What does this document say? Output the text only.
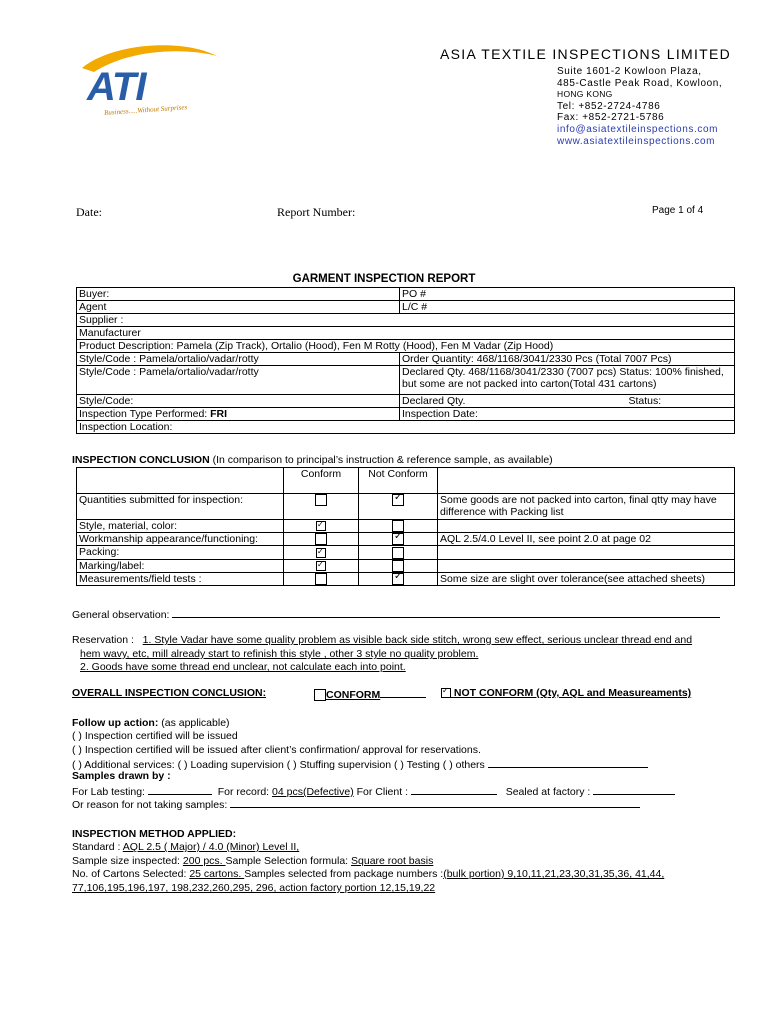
ATI
Business.....Without Surprises
ASIA TEXTILE INSPECTIONS LIMITED
Suite 1601-2 Kowloon Plaza,
485-Castle Peak Road, Kowloon,
HONG KONG
Tel: +852-2724-4786
Fax: +852-2721-5786
info@asiatextileinspections.com
www.asiatextileinspections.com
Date:	Report Number:	Page 1 of 4
GARMENT INSPECTION REPORT
Buyer:	PO #
Agent	L/C #
Supplier :	
Manufacturer	
Product Description: Pamela (Zip Track), Ortalio (Hood), Fen M Rotty (Hood), Fen M Vadar (Zip Hood)	
Style/Code : Pamela/ortalio/vadar/rotty	Order Quantity: 468/1168/3041/2330 Pcs (Total 7007 Pcs)
Style/Code : Pamela/ortalio/vadar/rotty	Declared Qty. 468/1168/3041/2330 (7007 pcs) Status: 100% finished, but some are not packed into carton(Total 431 cartons)
Style/Code:	Declared Qty. Status:

Inspection Type Performed: FRI	Inspection Date:
Inspection Location:	
INSPECTION CONCLUSION (In comparison to principal’s instruction & reference sample, as available)
	Conform	Not Conform	
Quantities submitted for inspection:		✓	Some goods are not packed into carton, final qtty may have difference with Packing list
Style, material, color:	✓		
Workmanship appearance/functioning:		✓	AQL 2.5/4.0 Level II, see point 2.0 at page 02
Packing:	✓		
Marking/label:	✓		
Measurements/field tests :		✓	Some size are slight over tolerance(see attached sheets)
General observation:
Reservation : 1. Style Vadar have some quality problem as visible back side stitch, wrong sew effect, serious unclear thread end and
hem wavy, etc, mill already start to refinish this style , other 3 style no quality problem.
2. Goods have some thread end unclear, not calculate each into point.
OVERALL INSPECTION CONCLUSION:	CONFORM ✓	NOT CONFORM (Qty, AQL and Measureaments)
Follow up action: (as applicable)
( ) Inspection certified will be issued
( ) Inspection certified will be issued after client’s confirmation/ approval for reservations.
( ) Additional services: ( ) Loading supervision ( ) Stuffing supervision ( ) Testing ( ) others
Samples drawn by :
For Lab testing:	For record: 04 pcs(Defective) For Client :	Sealed at factory :
Or reason for not taking samples:
INSPECTION METHOD APPLIED:
Standard : AQL 2.5 ( Major) / 4.0 (Minor) Level II,
Sample size inspected: 200 pcs. Sample Selection formula: Square root basis
No. of Cartons Selected: 25 cartons. Samples selected from package numbers :(bulk portion) 9,10,11,21,23,30,31,35,36, 41,44,
77,106,195,196,197, 198,232,260,295, 296, action factory portion 12,15,19,22
